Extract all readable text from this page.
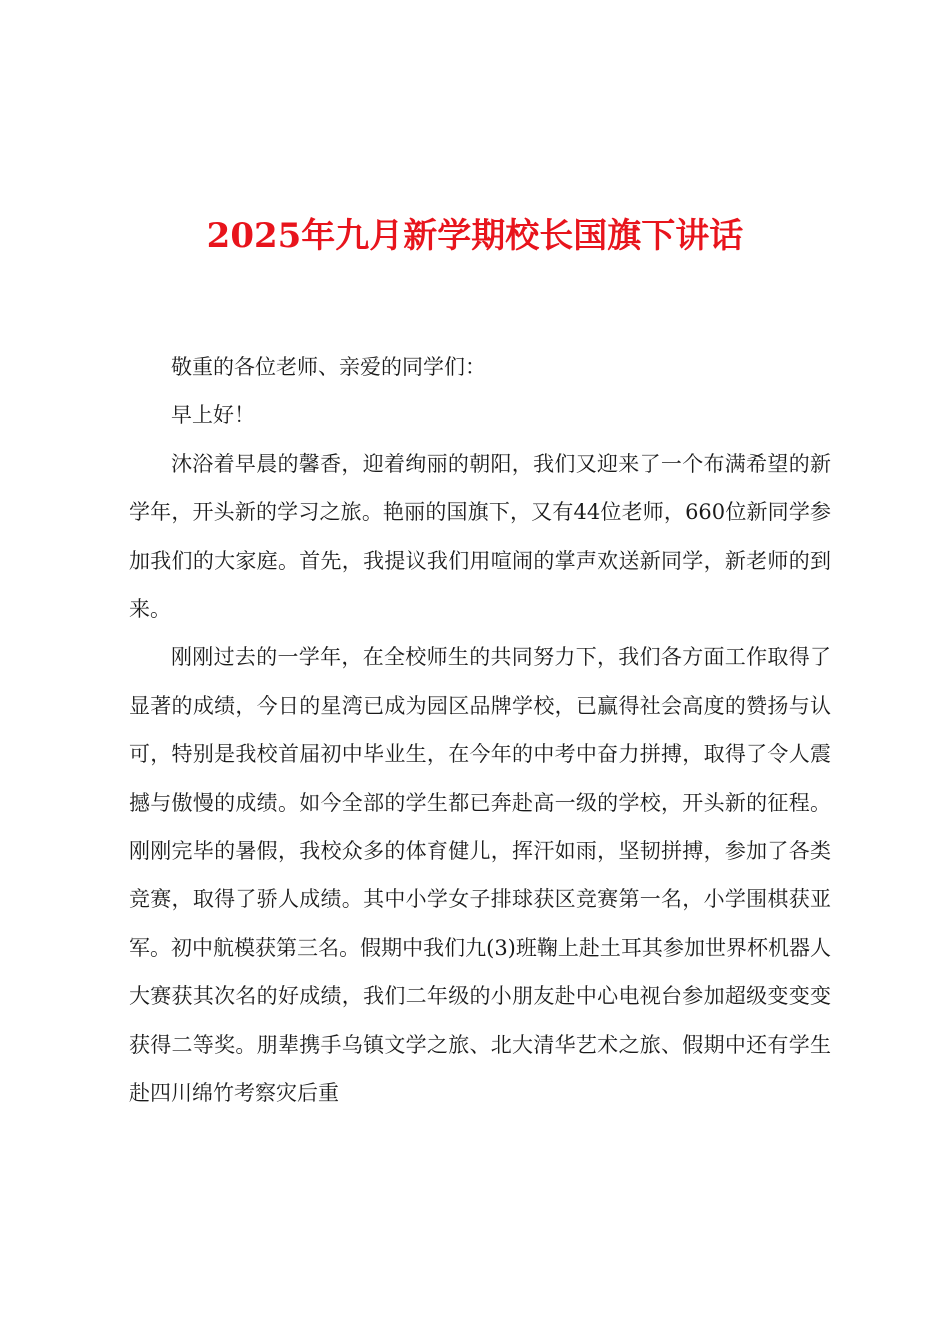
2025年九月新学期校长国旗下讲话

敬重的各位老师、亲爱的同学们：

早上好！

沐浴着早晨的馨香，迎着绚丽的朝阳，我们又迎来了一个布满希望的新学年，开头新的学习之旅。艳丽的国旗下，又有44位老师，660位新同学参加我们的大家庭。首先，我提议我们用喧闹的掌声欢送新同学，新老师的到来。

刚刚过去的一学年，在全校师生的共同努力下，我们各方面工作取得了显著的成绩，今日的星湾已成为园区品牌学校，已赢得社会高度的赞扬与认可，特别是我校首届初中毕业生，在今年的中考中奋力拼搏，取得了令人震撼与傲慢的成绩。如今全部的学生都已奔赴高一级的学校，开头新的征程。刚刚完毕的暑假，我校众多的体育健儿，挥汗如雨，坚韧拼搏，参加了各类竞赛，取得了骄人成绩。其中小学女子排球获区竞赛第一名，小学围棋获亚军。初中航模获第三名。假期中我们九(3)班鞠上赴土耳其参加世界杯机器人大赛获其次名的好成绩，我们二年级的小朋友赴中心电视台参加超级变变变获得二等奖。朋辈携手乌镇文学之旅、北大清华艺术之旅、假期中还有学生赴四川绵竹考察灾后重
